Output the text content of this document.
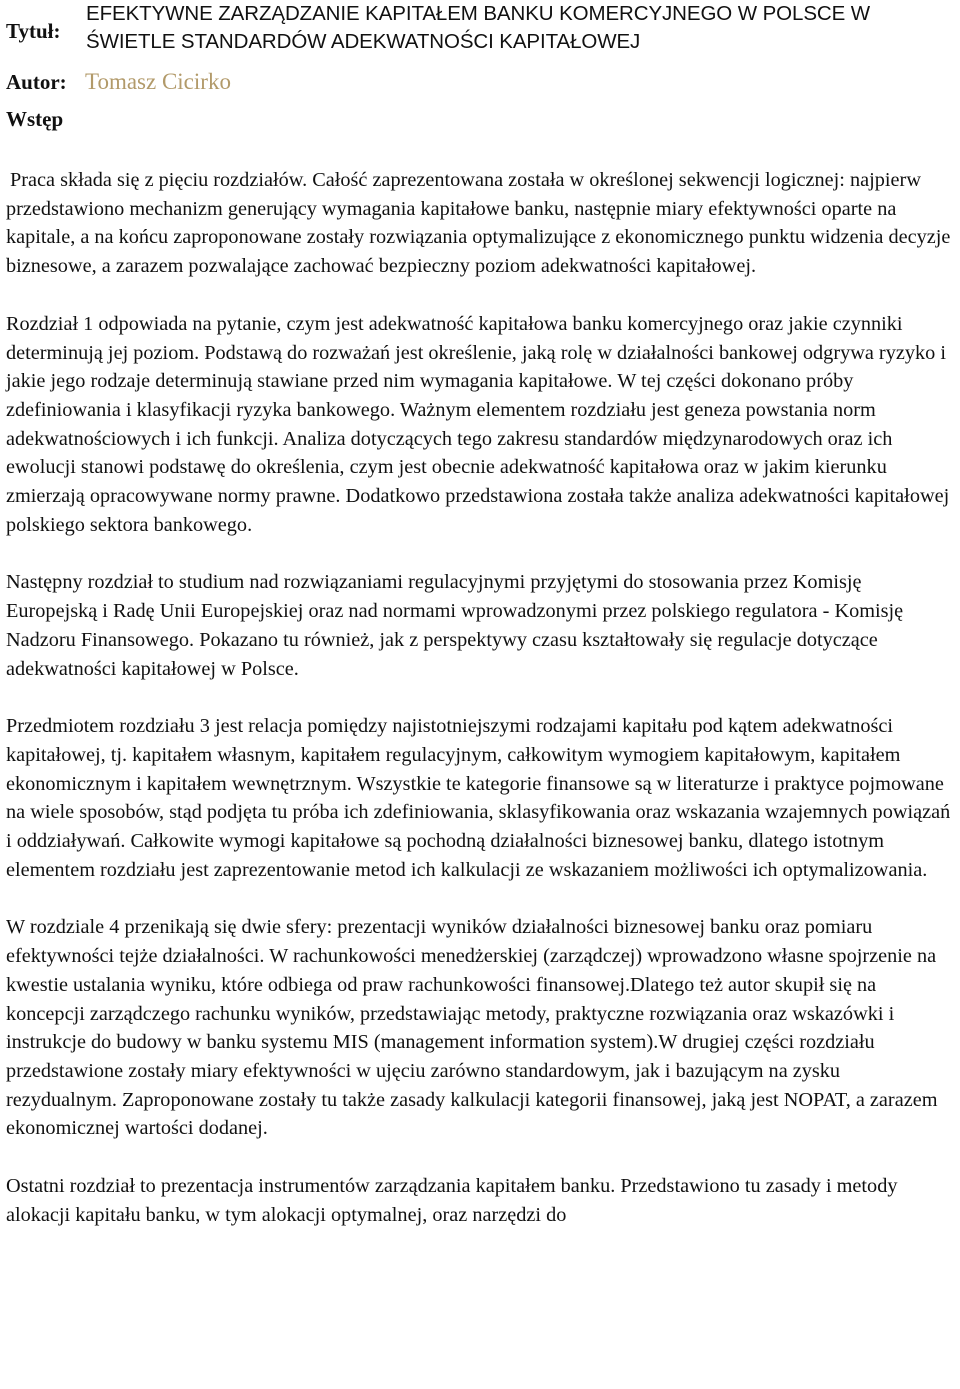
Tytuł:
EFEKTYWNE ZARZĄDZANIE KAPITAŁEM BANKU KOMERCYJNEGO W POLSCE W ŚWIETLE STANDARDÓW ADEKWATNOŚCI KAPITAŁOWEJ
Autor: Tomasz Cicirko
Wstęp

Praca składa się z pięciu rozdziałów. Całość zaprezentowana została w określonej sekwencji logicznej: najpierw przedstawiono mechanizm generujący wymagania kapitałowe banku, następnie miary efektywności oparte na kapitale, a na końcu zaproponowane zostały rozwiązania optymalizujące z ekonomicznego punktu widzenia decyzje biznesowe, a zarazem pozwalające zachować bezpieczny poziom adekwatności kapitałowej.

Rozdział 1 odpowiada na pytanie, czym jest adekwatność kapitałowa banku komercyjnego oraz jakie czynniki determinują jej poziom. Podstawą do rozważań jest określenie, jaką rolę w działalności bankowej odgrywa ryzyko i jakie jego rodzaje determinują stawiane przed nim wymagania kapitałowe. W tej części dokonano próby zdefiniowania i klasyfikacji ryzyka bankowego. Ważnym elementem rozdziału jest geneza powstania norm adekwatnościowych i ich funkcji. Analiza dotyczących tego zakresu standardów międzynarodowych oraz ich ewolucji stanowi podstawę do określenia, czym jest obecnie adekwatność kapitałowa oraz w jakim kierunku zmierzają opracowywane normy prawne. Dodatkowo przedstawiona została także analiza adekwatności kapitałowej polskiego sektora bankowego.

Następny rozdział to studium nad rozwiązaniami regulacyjnymi przyjętymi do stosowania przez Komisję Europejską i Radę Unii Europejskiej oraz nad normami wprowadzonymi przez polskiego regulatora - Komisję Nadzoru Finansowego. Pokazano tu również, jak z perspektywy czasu kształtowały się regulacje dotyczące adekwatności kapitałowej w Polsce.

Przedmiotem rozdziału 3 jest relacja pomiędzy najistotniejszymi rodzajami kapitału pod kątem adekwatności kapitałowej, tj. kapitałem własnym, kapitałem regulacyjnym, całkowitym wymogiem kapitałowym, kapitałem ekonomicznym i kapitałem wewnętrznym. Wszystkie te kategorie finansowe są w literaturze i praktyce pojmowane na wiele sposobów, stąd podjęta tu próba ich zdefiniowania, sklasyfikowania oraz wskazania wzajemnych powiązań i oddziaływań. Całkowite wymogi kapitałowe są pochodną działalności biznesowej banku, dlatego istotnym elementem rozdziału jest zaprezentowanie metod ich kalkulacji ze wskazaniem możliwości ich optymalizowania.

W rozdziale 4 przenikają się dwie sfery: prezentacji wyników działalności biznesowej banku oraz pomiaru efektywności tejże działalności. W rachunkowości menedżerskiej (zarządczej) wprowadzono własne spojrzenie na kwestie ustalania wyniku, które odbiega od praw rachunkowości finansowej.Dlatego też autor skupił się na koncepcji zarządczego rachunku wyników, przedstawiając metody, praktyczne rozwiązania oraz wskazówki i instrukcje do budowy w banku systemu MIS (management information system).W drugiej części rozdziału przedstawione zostały miary efektywności w ujęciu zarówno standardowym, jak i bazującym na zysku rezydualnym. Zaproponowane zostały tu także zasady kalkulacji kategorii finansowej, jaką jest NOPAT, a zarazem ekonomicznej wartości dodanej.

Ostatni rozdział to prezentacja instrumentów zarządzania kapitałem banku. Przedstawiono tu zasady i metody alokacji kapitału banku, w tym alokacji optymalnej, oraz narzędzi do
